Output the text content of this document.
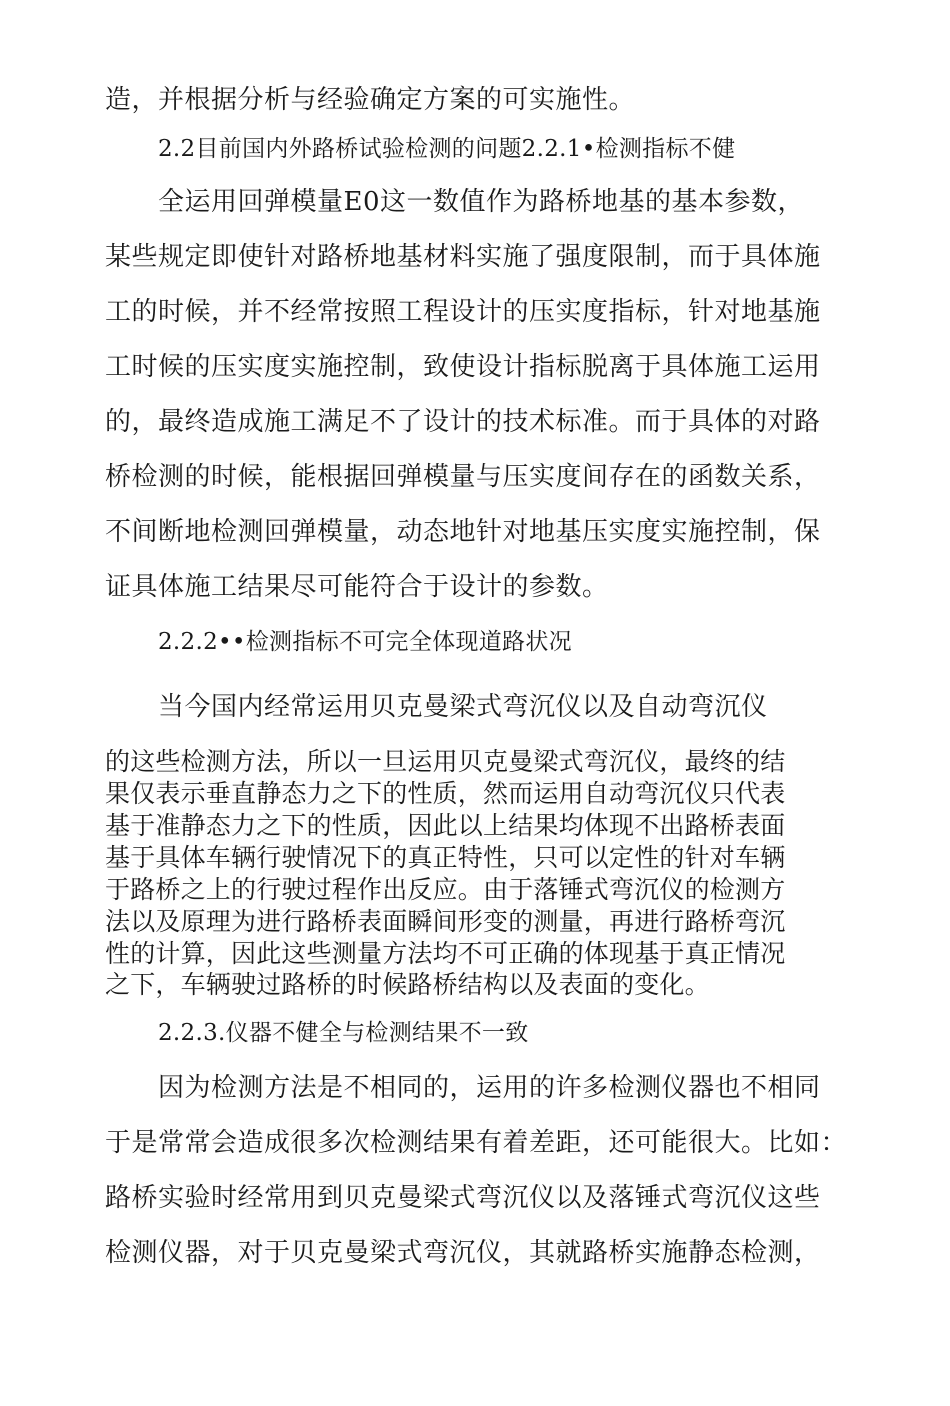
造，并根据分析与经验确定方案的可实施性。
2.2目前国内外路桥试验检测的问题2.2.1•检测指标不健
全运用回弹模量E0这一数值作为路桥地基的基本参数，
某些规定即使针对路桥地基材料实施了强度限制，而于具体施
工的时候，并不经常按照工程设计的压实度指标，针对地基施
工时候的压实度实施控制，致使设计指标脱离于具体施工运用
的，最终造成施工满足不了设计的技术标准。而于具体的对路
桥检测的时候，能根据回弹模量与压实度间存在的函数关系，
不间断地检测回弹模量，动态地针对地基压实度实施控制，保
证具体施工结果尽可能符合于设计的参数。
2.2.2••检测指标不可完全体现道路状况
当今国内经常运用贝克曼梁式弯沉仪以及自动弯沉仪
的这些检测方法，所以一旦运用贝克曼梁式弯沉仪，最终的结
果仅表示垂直静态力之下的性质，然而运用自动弯沉仪只代表
基于准静态力之下的性质，因此以上结果均体现不出路桥表面
基于具体车辆行驶情况下的真正特性，只可以定性的针对车辆
于路桥之上的行驶过程作出反应。由于落锤式弯沉仪的检测方
法以及原理为进行路桥表面瞬间形变的测量，再进行路桥弯沉
性的计算，因此这些测量方法均不可正确的体现基于真正情况
之下，车辆驶过路桥的时候路桥结构以及表面的变化。
2.2.3.仪器不健全与检测结果不一致
因为检测方法是不相同的，运用的许多检测仪器也不相同
于是常常会造成很多次检测结果有着差距，还可能很大。比如：
路桥实验时经常用到贝克曼梁式弯沉仪以及落锤式弯沉仪这些
检测仪器，对于贝克曼梁式弯沉仪，其就路桥实施静态检测，
